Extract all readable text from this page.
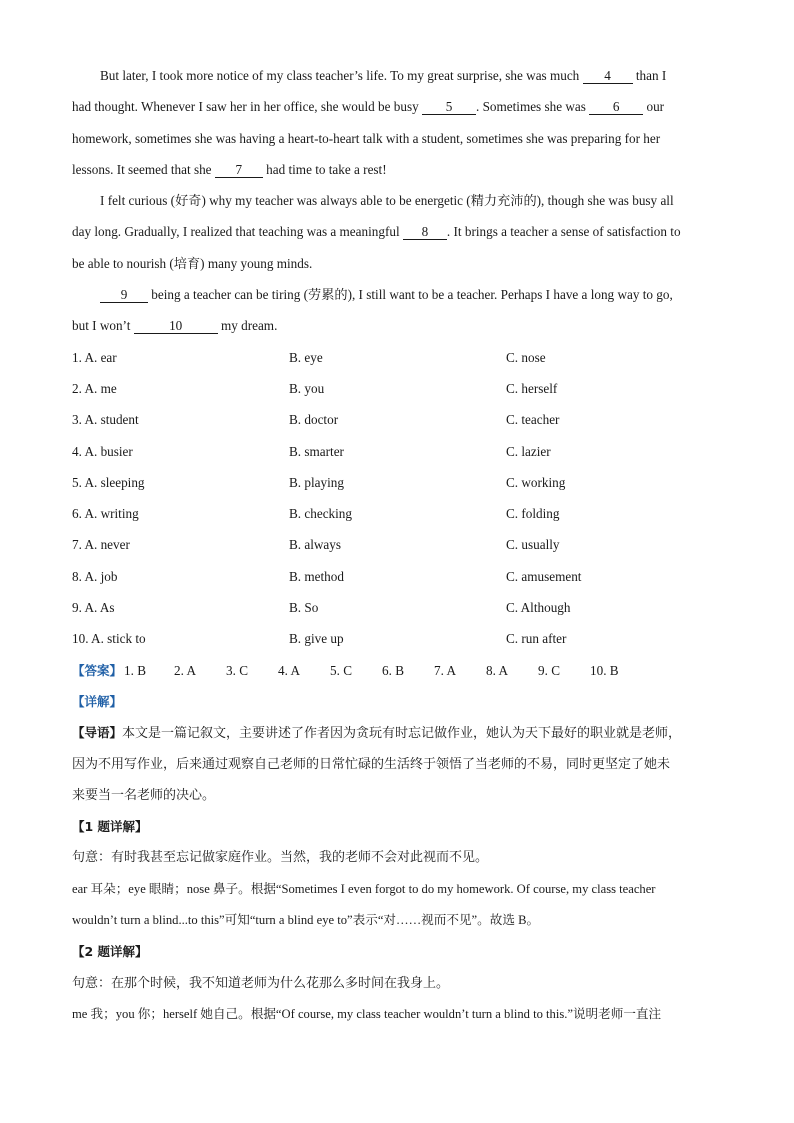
But later, I took more notice of my class teacher’s life. To my great surprise, she was much 4 than I
had thought. Whenever I saw her in her office, she would be busy 5 . Sometimes she was 6 our
homework, sometimes she was having a heart-to-heart talk with a student, sometimes she was preparing for her
lessons. It seemed that she 7 had time to take a rest!
I felt curious (好奇) why my teacher was always able to be energetic (精力充沛的), though she was busy all
day long. Gradually, I realized that teaching was a meaningful 8 . It brings a teacher a sense of satisfaction to
be able to nourish (培育) many young minds.
9 being a teacher can be tiring (劳累的), I still want to be a teacher. Perhaps I have a long way to go,
but I won’t	10	my dream.
1. A. ear	B. eye	C. nose
2. A. me	B. you	C. herself
3. A. student	B. doctor	C. teacher
4. A. busier	B. smarter	C. lazier
5. A. sleeping	B. playing	C. working
6. A. writing	B. checking	C. folding
7. A. never	B. always	C. usually
8. A. job	B. method	C. amusement
9. A. As	B. So	C. Although
10. A. stick to	B. give up	C. run after
【答案】 1. B	2. A	3. C	4. A	5. C	6. B	7. A	8. A	9. C	10. B
【详解】
【导语】本文是一篇记叙文，主要讲述了作者因为贪玩有时忘记做作业，她认为天下最好的职业就是老师，
因为不用写作业，后来通过观察自己老师的日常忙碌的生活终于领悟了当老师的不易，同时更坚定了她未
来要当一名老师的决心。
【1 题详解】
句意：有时我甚至忘记做家庭作业。当然，我的老师不会对此视而不见。
ear 耳朵；eye 眼睛；nose 鼻子。根据“Sometimes I even forgot to do my homework. Of course, my class teacher
wouldn’t turn a blind...to this”可知“turn a blind eye to”表示“对……视而不见”。故选 B。
【2 题详解】
句意：在那个时候，我不知道老师为什么花那么多时间在我身上。
me 我；you 你；herself 她自己。根据“Of course, my class teacher wouldn’t turn a blind to this.”说明老师一直注
